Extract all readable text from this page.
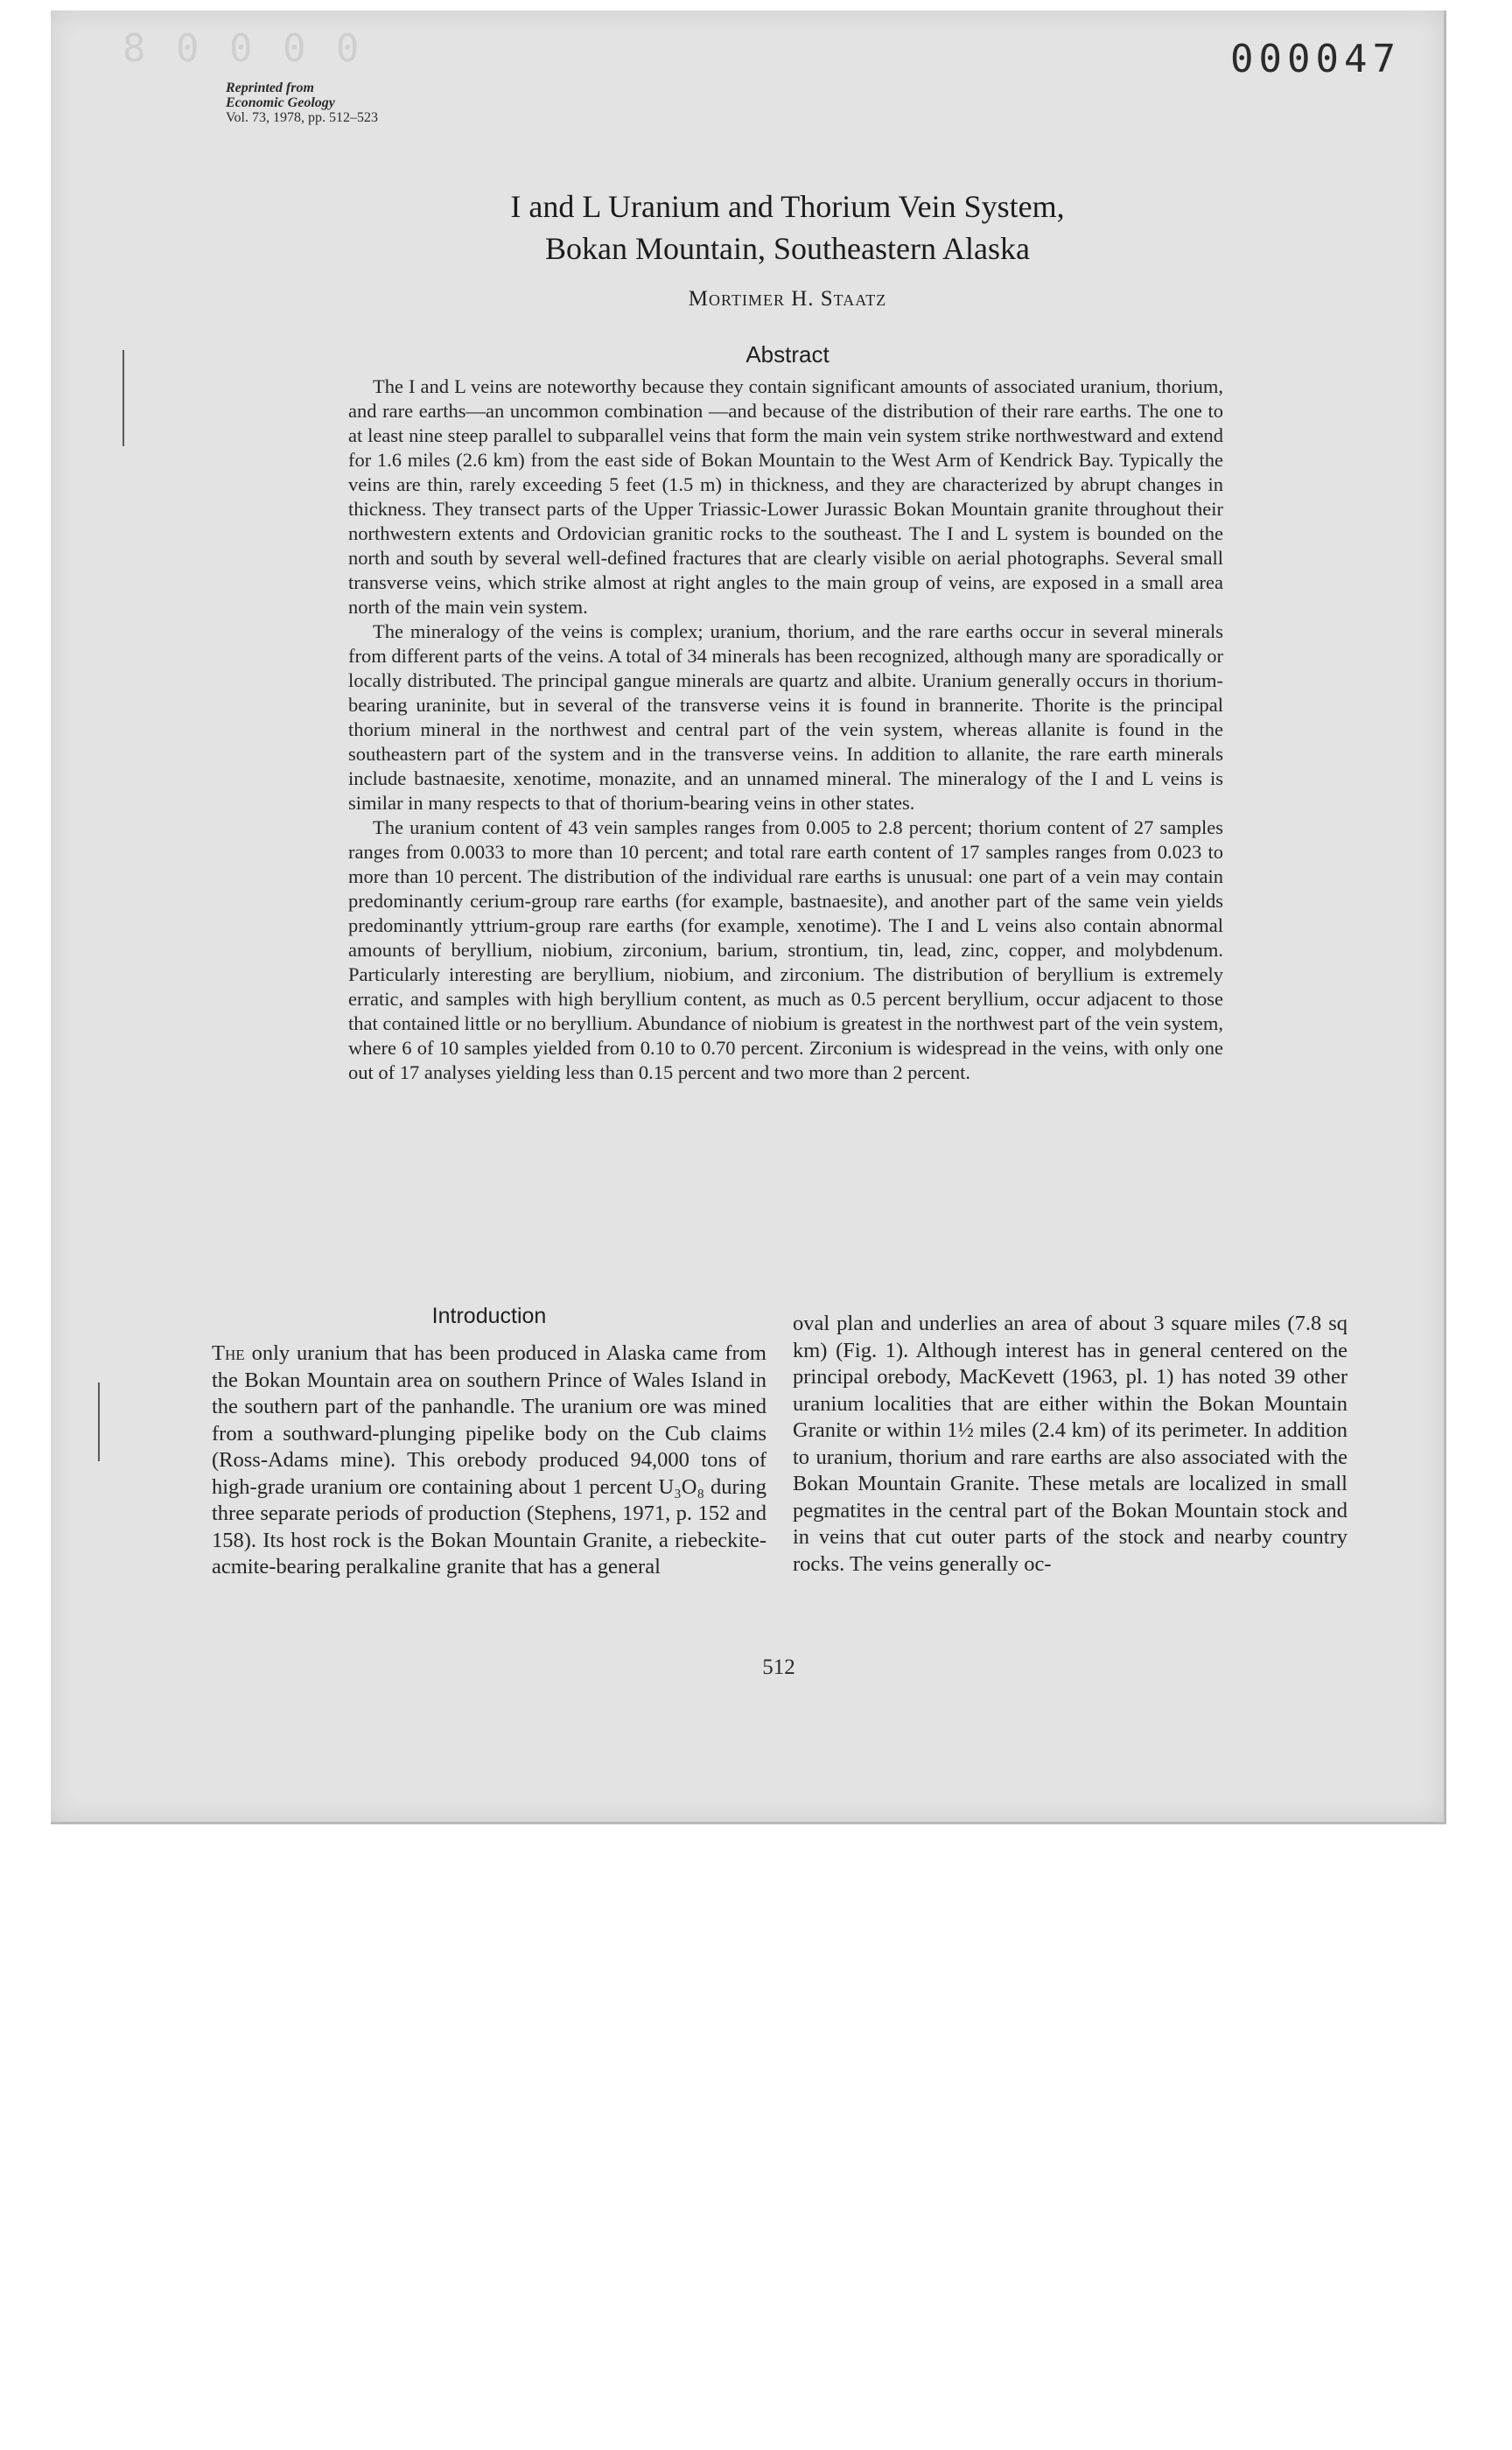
8 0 0 0 0	000047
Reprinted from
Economic Geology
Vol. 73, 1978, pp. 512–523
I and L Uranium and Thorium Vein System,
Bokan Mountain, Southeastern Alaska
Mortimer H. Staatz
Abstract

The I and L veins are noteworthy because they contain significant amounts of associated uranium, thorium, and rare earths—an uncommon combination —and because of the distribution of their rare earths. The one to at least nine steep parallel to subparallel veins that form the main vein system strike northwestward and extend for 1.6 miles (2.6 km) from the east side of Bokan Mountain to the West Arm of Kendrick Bay. Typically the veins are thin, rarely exceeding 5 feet (1.5 m) in thickness, and they are characterized by abrupt changes in thickness. They transect parts of the Upper Triassic-Lower Jurassic Bokan Mountain granite throughout their northwestern extents and Ordovician granitic rocks to the southeast. The I and L system is bounded on the north and south by several well-defined fractures that are clearly visible on aerial photographs. Several small transverse veins, which strike almost at right angles to the main group of veins, are exposed in a small area north of the main vein system.

The mineralogy of the veins is complex; uranium, thorium, and the rare earths occur in several minerals from different parts of the veins. A total of 34 minerals has been recognized, although many are sporadically or locally distributed. The principal gangue minerals are quartz and albite. Uranium generally occurs in thorium-bearing uraninite, but in several of the transverse veins it is found in brannerite. Thorite is the principal thorium mineral in the northwest and central part of the vein system, whereas allanite is found in the southeastern part of the system and in the transverse veins. In addition to allanite, the rare earth minerals include bastnaesite, xenotime, monazite, and an unnamed mineral. The mineralogy of the I and L veins is similar in many respects to that of thorium-bearing veins in other states.

The uranium content of 43 vein samples ranges from 0.005 to 2.8 percent; thorium content of 27 samples ranges from 0.0033 to more than 10 percent; and total rare earth content of 17 samples ranges from 0.023 to more than 10 percent. The distribution of the individual rare earths is unusual: one part of a vein may contain predominantly cerium-group rare earths (for example, bastnaesite), and another part of the same vein yields predominantly yttrium-group rare earths (for example, xenotime). The I and L veins also contain abnormal amounts of beryllium, niobium, zirconium, barium, strontium, tin, lead, zinc, copper, and molybdenum. Particularly interesting are beryllium, niobium, and zirconium. The distribution of beryllium is extremely erratic, and samples with high beryllium content, as much as 0.5 percent beryllium, occur adjacent to those that contained little or no beryllium. Abundance of niobium is greatest in the northwest part of the vein system, where 6 of 10 samples yielded from 0.10 to 0.70 percent. Zirconium is widespread in the veins, with only one out of 17 analyses yielding less than 0.15 percent and two more than 2 percent.

Introduction

The only uranium that has been produced in Alaska came from the Bokan Mountain area on southern Prince of Wales Island in the southern part of the panhandle. The uranium ore was mined from a southward-plunging pipelike body on the Cub claims (Ross-Adams mine). This orebody produced 94,000 tons of high-grade uranium ore containing about 1 percent U₃O₈ during three separate periods of production (Stephens, 1971, p. 152 and 158). Its host rock is the Bokan Mountain Granite, a riebeckite-acmite-bearing peralkaline granite that has a general

oval plan and underlies an area of about 3 square miles (7.8 sq km) (Fig. 1). Although interest has in general centered on the principal orebody, MacKevett (1963, pl. 1) has noted 39 other uranium localities that are either within the Bokan Mountain Granite or within 1½ miles (2.4 km) of its perimeter. In addition to uranium, thorium and rare earths are also associated with the Bokan Mountain Granite. These metals are localized in small pegmatites in the central part of the Bokan Mountain stock and in veins that cut outer parts of the stock and nearby country rocks. The veins generally oc-

512
